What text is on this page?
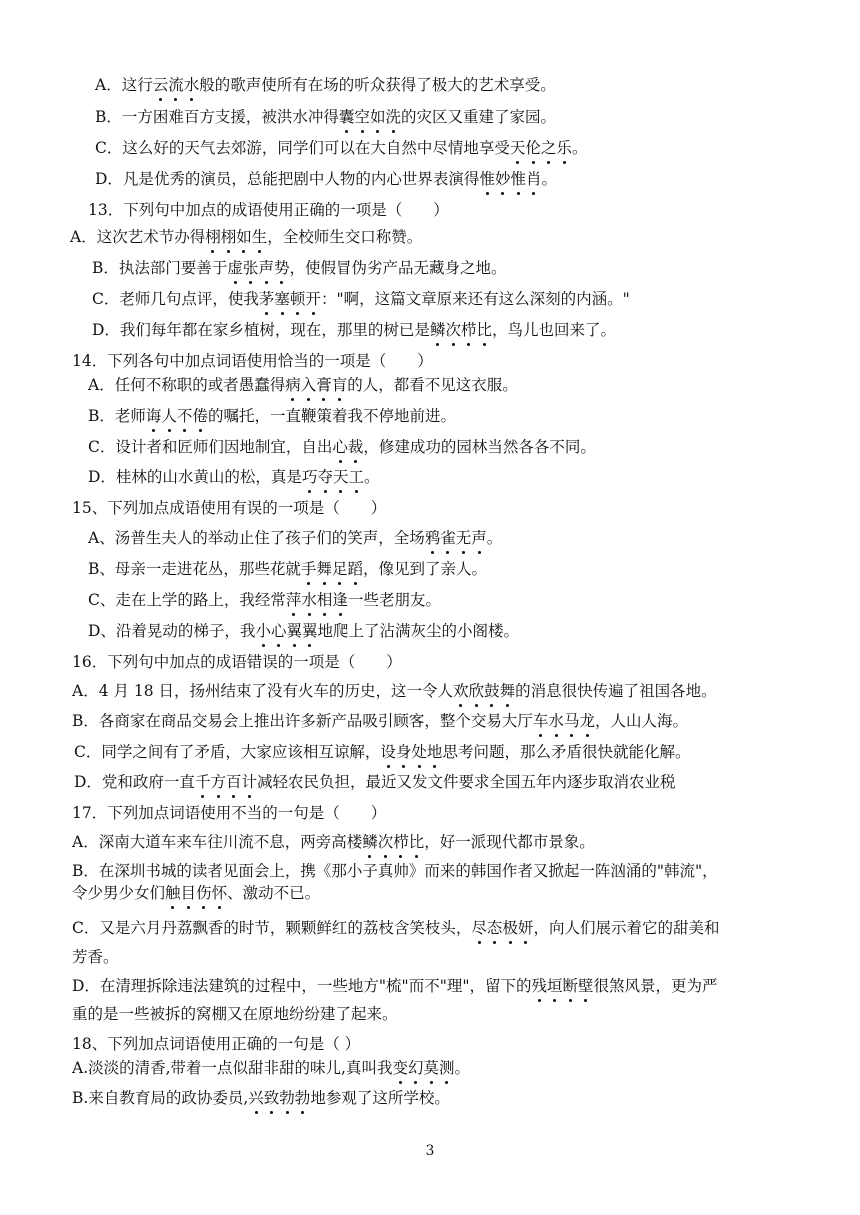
A．这行云流水般的歌声使所有在场的听众获得了极大的艺术享受。
B．一方困难百方支援，被洪水冲得囊空如洗的灾区又重建了家园。
C．这么好的天气去郊游，同学们可以在大自然中尽情地享受天伦之乐。
D．凡是优秀的演员，总能把剧中人物的内心世界表演得惟妙惟肖。
13．下列句中加点的成语使用正确的一项是（　　）
A．这次艺术节办得栩栩如生，全校师生交口称赞。
B．执法部门要善于虚张声势，使假冒伪劣产品无藏身之地。
C．老师几句点评，使我茅塞顿开："啊，这篇文章原来还有这么深刻的内涵。"
D．我们每年都在家乡植树，现在，那里的树已是鳞次栉比，鸟儿也回来了。
14．下列各句中加点词语使用恰当的一项是（　　）
A．任何不称职的或者愚蠢得病入膏肓的人，都看不见这衣服。
B．老师诲人不倦的嘱托，一直鞭策着我不停地前进。
C．设计者和匠师们因地制宜，自出心裁，修建成功的园林当然各各不同。
D．桂林的山水黄山的松，真是巧夺天工。
15、下列加点成语使用有误的一项是（　　）
A、汤普生夫人的举动止住了孩子们的笑声，全场鸦雀无声。
B、母亲一走进花丛，那些花就手舞足蹈，像见到了亲人。
C、走在上学的路上，我经常萍水相逢一些老朋友。
D、沿着晃动的梯子，我小心翼翼地爬上了沾满灰尘的小阁楼。
16．下列句中加点的成语错误的一项是（　　）
A．4 月 18 日，扬州结束了没有火车的历史，这一令人欢欣鼓舞的消息很快传遍了祖国各地。
B．各商家在商品交易会上推出许多新产品吸引顾客，整个交易大厅车水马龙，人山人海。
C．同学之间有了矛盾，大家应该相互谅解，设身处地思考问题，那么矛盾很快就能化解。
D．党和政府一直千方百计减轻农民负担，最近又发文件要求全国五年内逐步取消农业税
17．下列加点词语使用不当的一句是（　　）
A．深南大道车来车往川流不息，两旁高楼鳞次栉比，好一派现代都市景象。
B．在深圳书城的读者见面会上，携《那小子真帅》而来的韩国作者又掀起一阵汹涌的"韩流"，
令少男少女们触目伤怀、激动不已。
C．又是六月丹荔飘香的时节，颗颗鲜红的荔枝含笑枝头，尽态极妍，向人们展示着它的甜美和
芳香。
D．在清理拆除违法建筑的过程中，一些地方"梳"而不"理"，留下的残垣断壁很煞风景，更为严
重的是一些被拆的窝棚又在原地纷纷建了起来。
18、下列加点词语使用正确的一句是（ ）
A.淡淡的清香,带着一点似甜非甜的味儿,真叫我变幻莫测。
B.来自教育局的政协委员,兴致勃勃地参观了这所学校。
3
